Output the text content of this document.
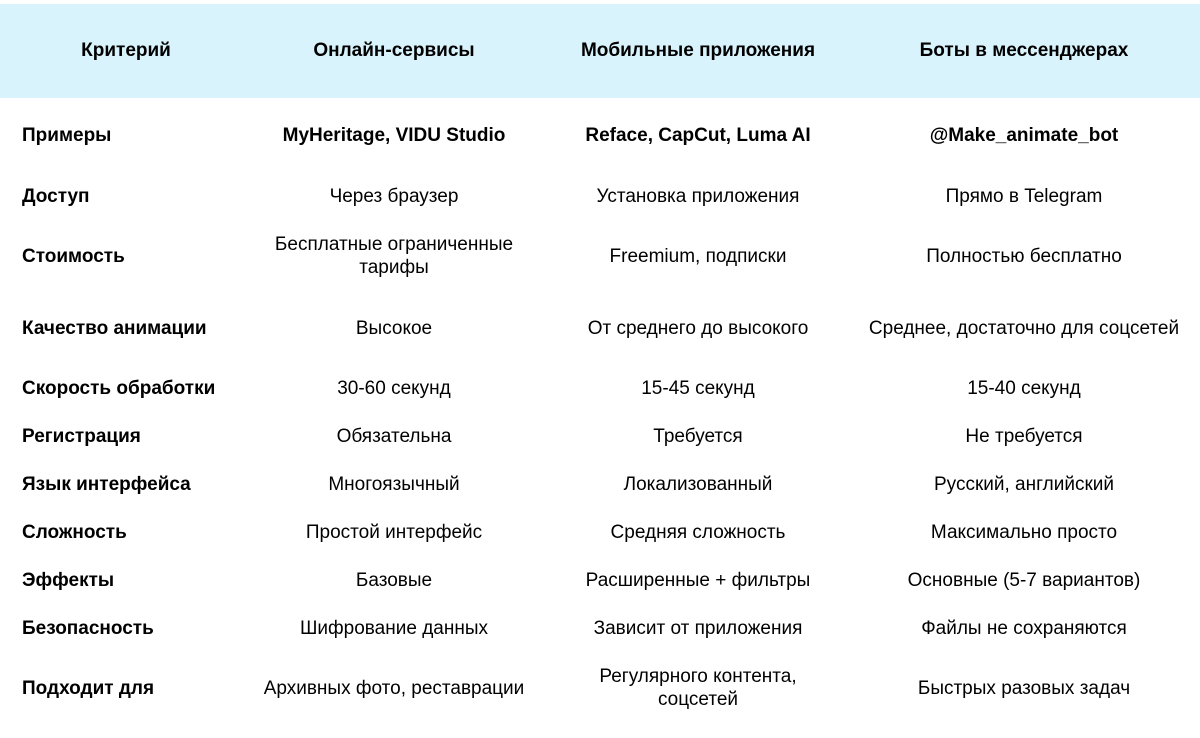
Критерий	Онлайн-сервисы	Мобильные приложения	Боты в мессенджерах
Примеры	MyHeritage, VIDU Studio	Reface, CapCut, Luma AI	@Make_animate_bot
Доступ	Через браузер	Установка приложения	Прямо в Telegram
Стоимость	Бесплатные ограниченные тарифы	Freemium, подписки	Полностью бесплатно
Качество анимации	Высокое	От среднего до высокого	Среднее, достаточно для соцсетей
Скорость обработки	30-60 секунд	15-45 секунд	15-40 секунд
Регистрация	Обязательна	Требуется	Не требуется
Язык интерфейса	Многоязычный	Локализованный	Русский, английский
Сложность	Простой интерфейс	Средняя сложность	Максимально просто
Эффекты	Базовые	Расширенные + фильтры	Основные (5-7 вариантов)
Безопасность	Шифрование данных	Зависит от приложения	Файлы не сохраняются
Подходит для	Архивных фото, реставрации	Регулярного контента, соцсетей	Быстрых разовых задач
